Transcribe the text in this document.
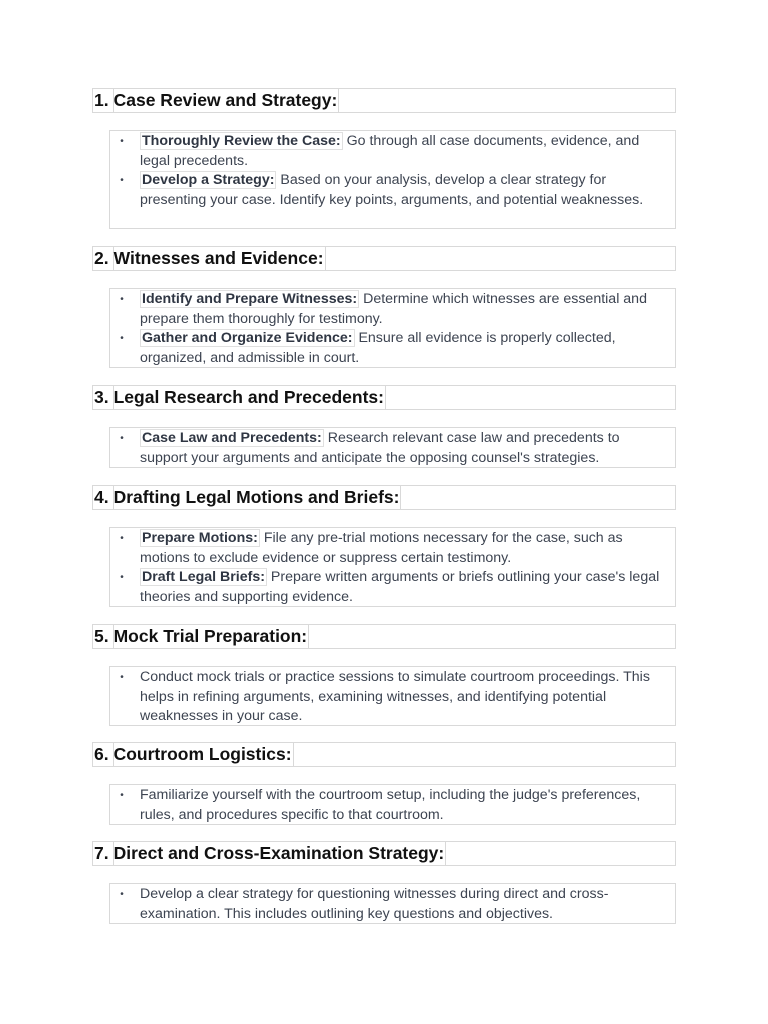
1. Case Review and Strategy:
• Thoroughly Review the Case: Go through all case documents, evidence, and legal precedents.
• Develop a Strategy: Based on your analysis, develop a clear strategy for presenting your case. Identify key points, arguments, and potential weaknesses.
2. Witnesses and Evidence:
• Identify and Prepare Witnesses: Determine which witnesses are essential and prepare them thoroughly for testimony.
• Gather and Organize Evidence: Ensure all evidence is properly collected, organized, and admissible in court.
3. Legal Research and Precedents:
• Case Law and Precedents: Research relevant case law and precedents to support your arguments and anticipate the opposing counsel's strategies.
4. Drafting Legal Motions and Briefs:
• Prepare Motions: File any pre-trial motions necessary for the case, such as motions to exclude evidence or suppress certain testimony.
• Draft Legal Briefs: Prepare written arguments or briefs outlining your case's legal theories and supporting evidence.
5. Mock Trial Preparation:
• Conduct mock trials or practice sessions to simulate courtroom proceedings. This helps in refining arguments, examining witnesses, and identifying potential weaknesses in your case.
6. Courtroom Logistics:
• Familiarize yourself with the courtroom setup, including the judge's preferences, rules, and procedures specific to that courtroom.
7. Direct and Cross-Examination Strategy:
• Develop a clear strategy for questioning witnesses during direct and cross-examination. This includes outlining key questions and objectives.
